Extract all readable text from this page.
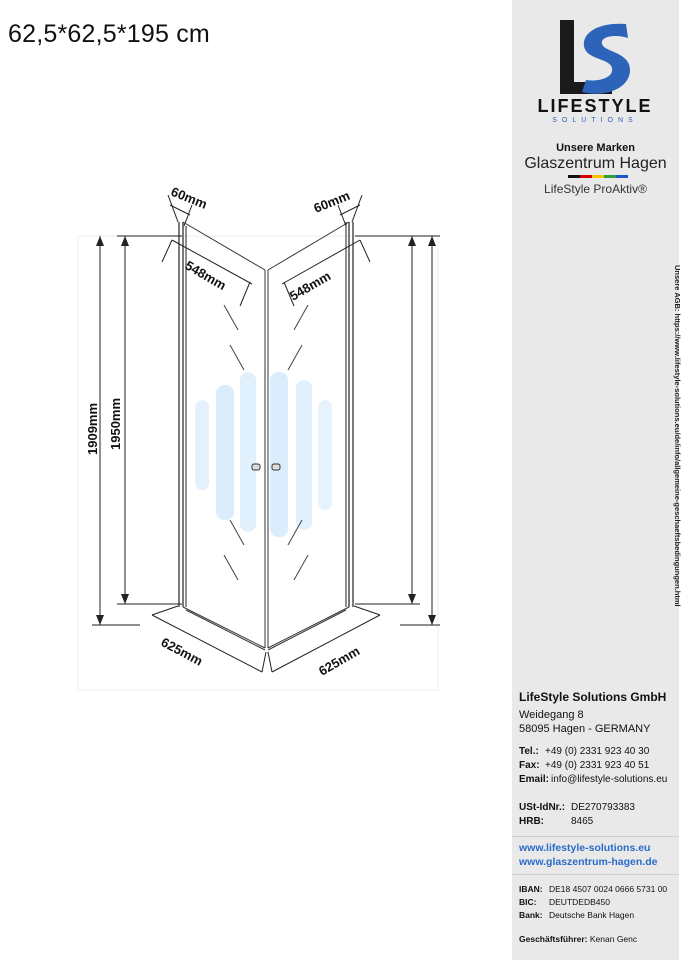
62,5*62,5*195 cm
60mm	60mm
548mm	548mm
1909mm 1950mm
625mm	625mm
LIFESTYLE
SOLUTIONS
Unsere Marken
Glaszentrum Hagen
LifeStyle ProAktiv®
Unsere AGB: https://www.lifestyle-solutions.eu/de/info/allgemeine-geschaeftsbedingungen.html
LifeStyle Solutions GmbH
Weidegang 8
58095 Hagen - GERMANY
Tel.: +49 (0) 2331 923 40 30
Fax: +49 (0) 2331 923 40 51
Email: info@lifestyle-solutions.eu
USt-IdNr.: DE270793383
HRB:	8465
www.lifestyle-solutions.eu
www.glaszentrum-hagen.de
IBAN: DE18 4507 0024 0666 5731 00
BIC: DEUTDEDB450
Bank: Deutsche Bank Hagen
Geschäftsführer: Kenan Genc
